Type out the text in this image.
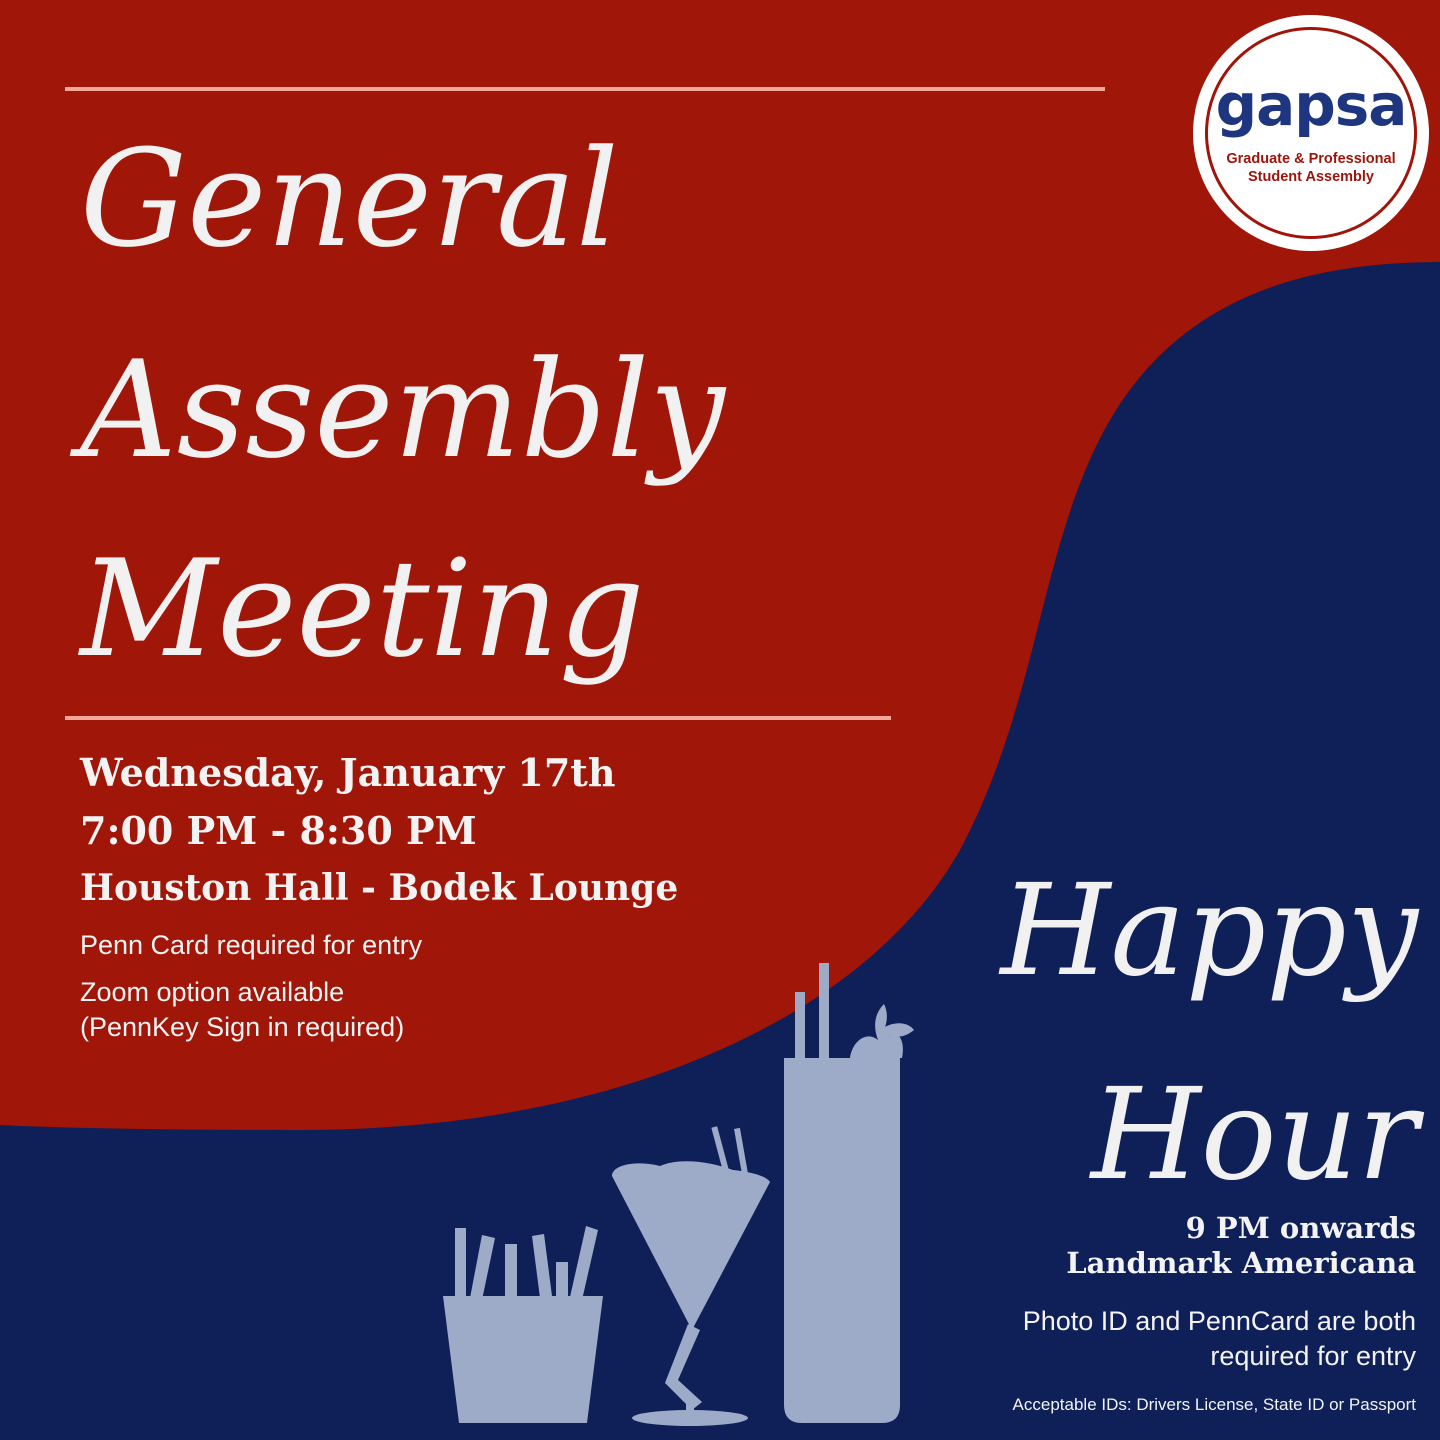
General
Assembly
Meeting
Wednesday, January 17th
7:00 PM - 8:30 PM
Houston Hall - Bodek Lounge
Penn Card required for entry
Zoom option available
(PennKey Sign in required)
gapsa
Graduate & Professional
Student Assembly
Happy
Hour
9 PM onwards
Landmark Americana
Photo ID and PennCard are both
required for entry
Acceptable IDs: Drivers License, State ID or Passport
